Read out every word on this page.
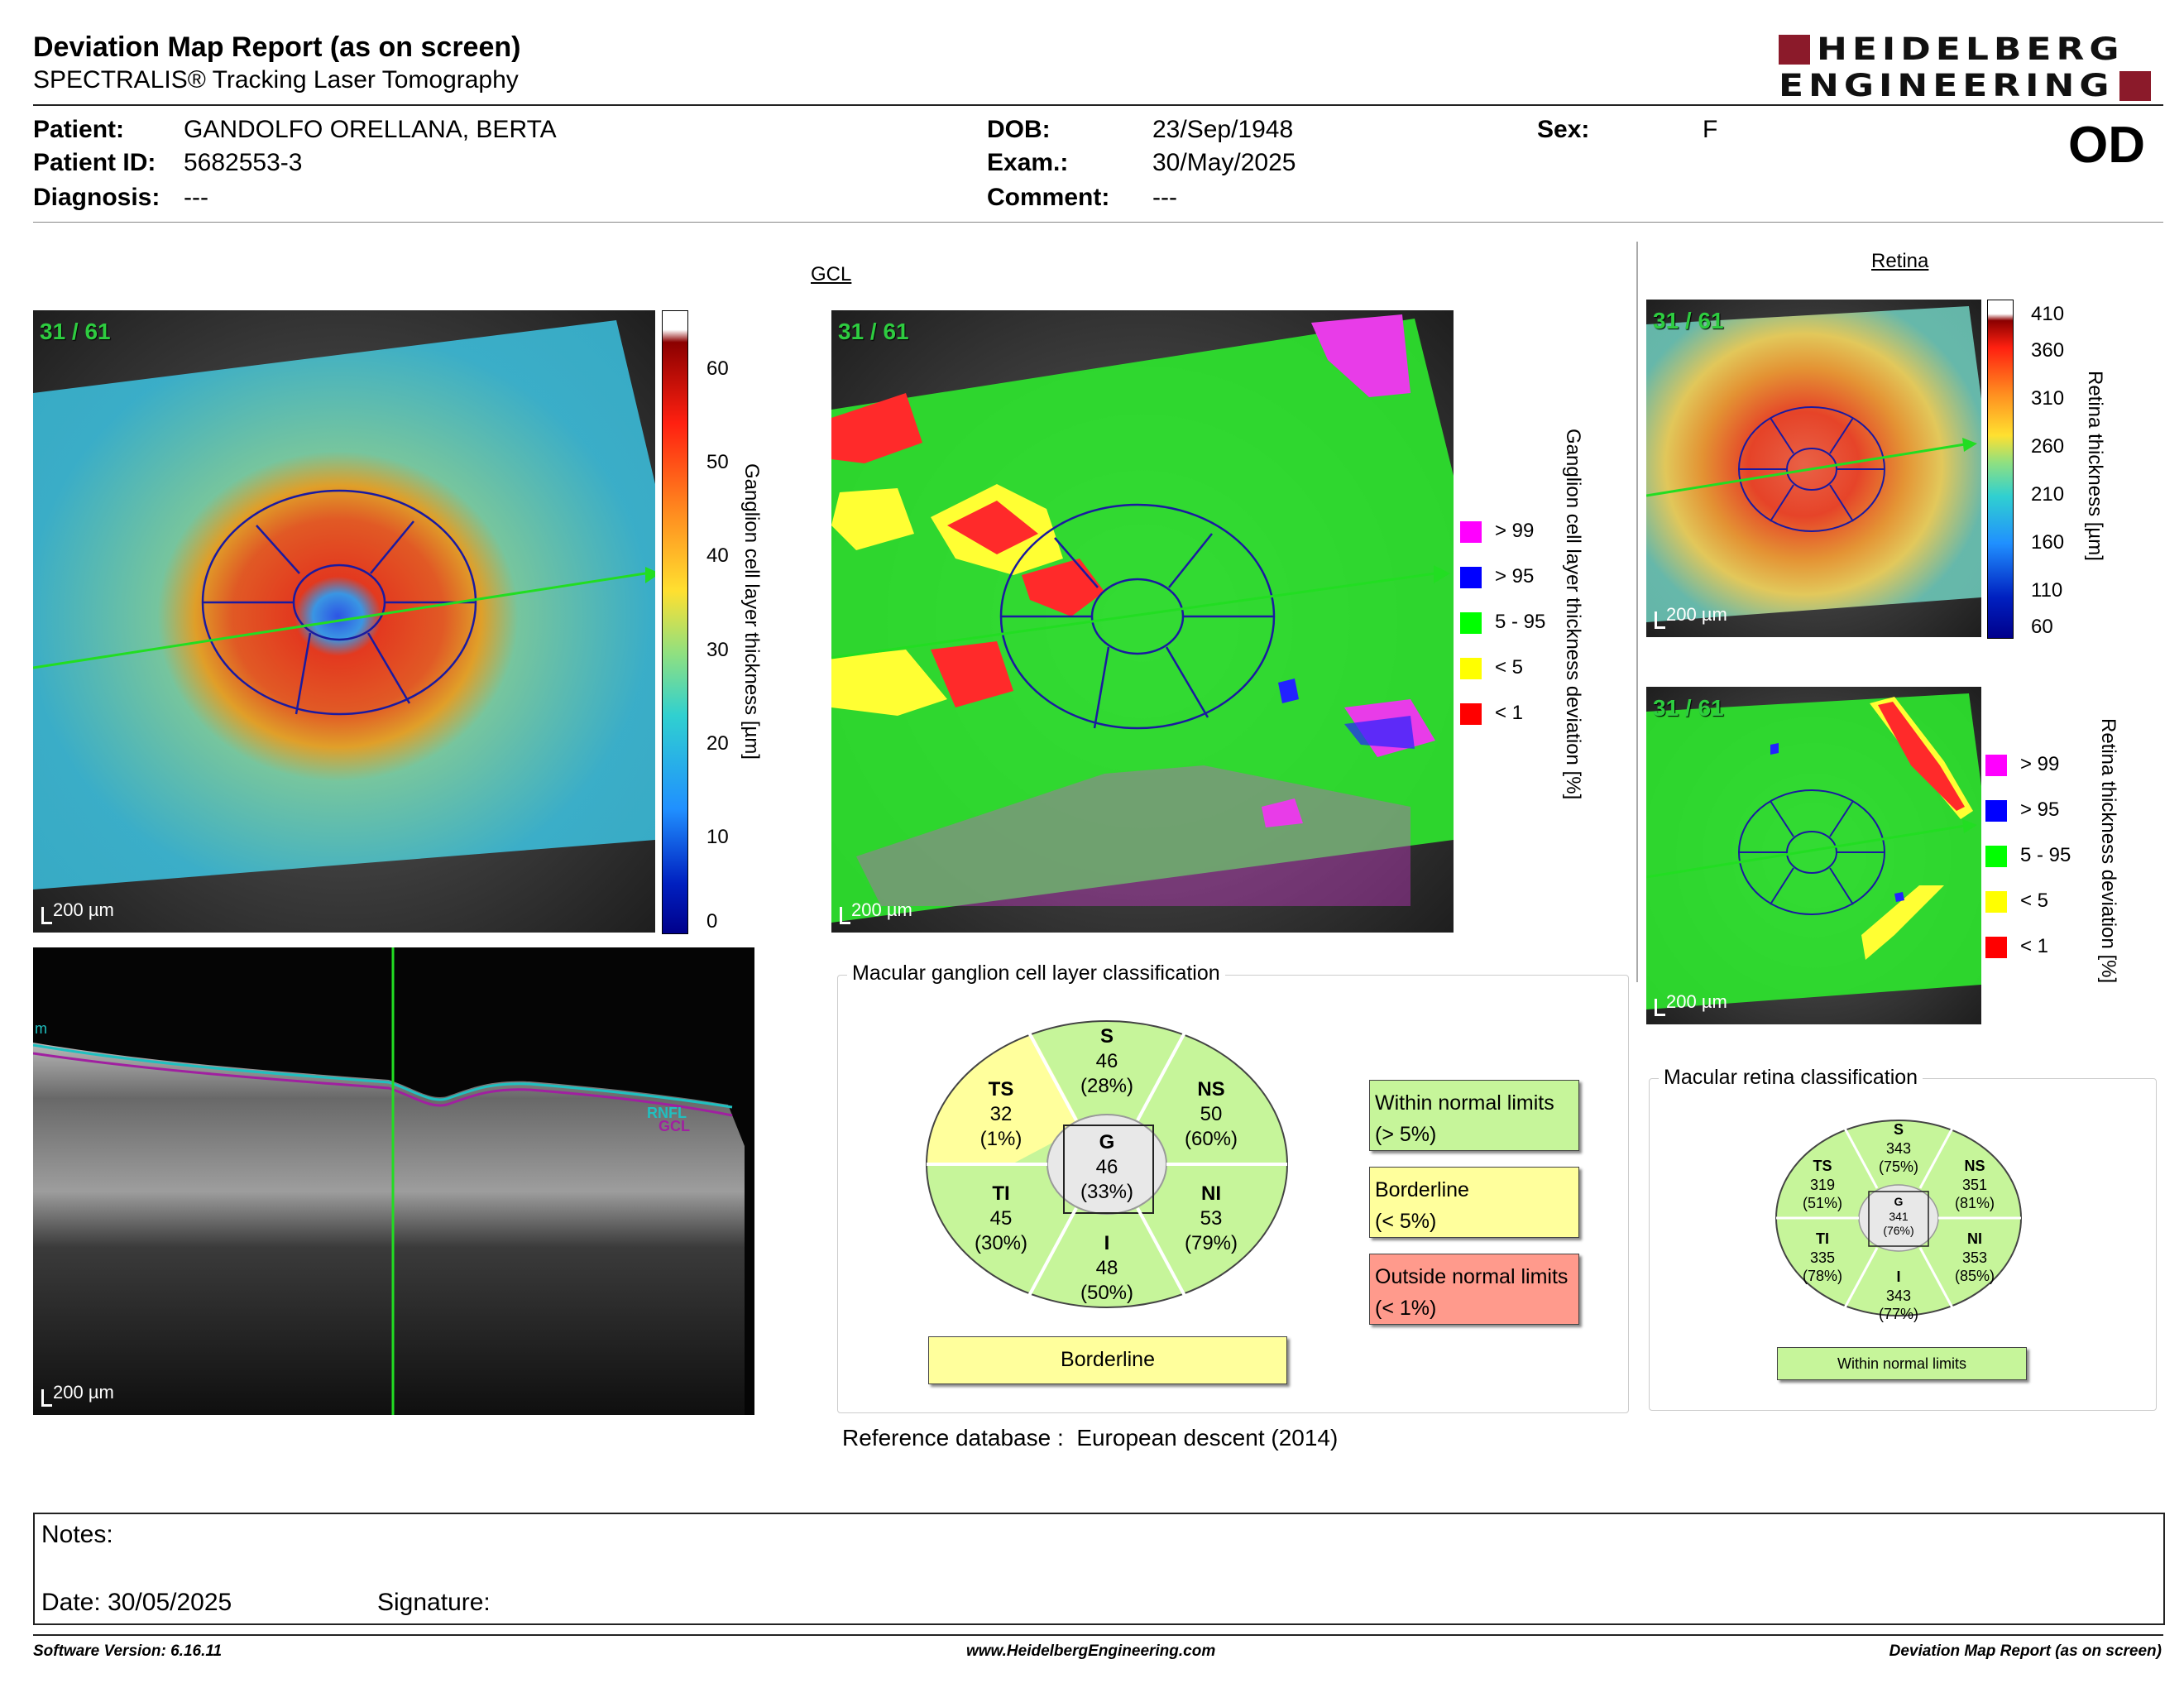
Deviation Map Report (as on screen)
SPECTRALIS® Tracking Laser Tomography
HEIDELBERG
ENGINEERING
Patient: GANDOLFO ORELLANA, BERTA
Patient ID: 5682553-3
Diagnosis: ---
DOB:	23/Sep/1948
Exam.:	30/May/2025
Comment: ---
Sex:	F	OD
GCL
31 / 61
200 µm
60
50
40
30
20
10
0
Ganglion cell layer thickness [µm]
31 / 61
200 µm
Ganglion cell layer thickness deviation [%]
> 99
> 95
5 - 95
< 5
< 1
m
RNFL
GCL
200 µm
Macular ganglion cell layer classification
S
46
(28%)
TS
32
(1%)
NS
50
(60%)
G
46
(33%)
TI
45
(30%)
NI
53
(79%)
I
48
(50%)
Borderline
Within normal limits
(> 5%)
Borderline
(< 5%)
Outside normal limits
(< 1%)
Reference database : European descent (2014)
Retina
31 / 61
200 µm
410
360
310
260
210
160
110
60
Retina thickness [µm]
31 / 61
200 µm
Retina thickness deviation [%]
> 99
> 95
5 - 95
< 5
< 1
Macular retina classification
S
343
(75%)
TS
319
(51%)
NS
351
(81%)
G
341
(76%)
TI
335
(78%)
NI
353
(85%)
I
343
(77%)
Within normal limits
Notes:
Date: 30/05/2025	Signature:
Software Version: 6.16.11	www.HeidelbergEngineering.com	Deviation Map Report (as on screen)
